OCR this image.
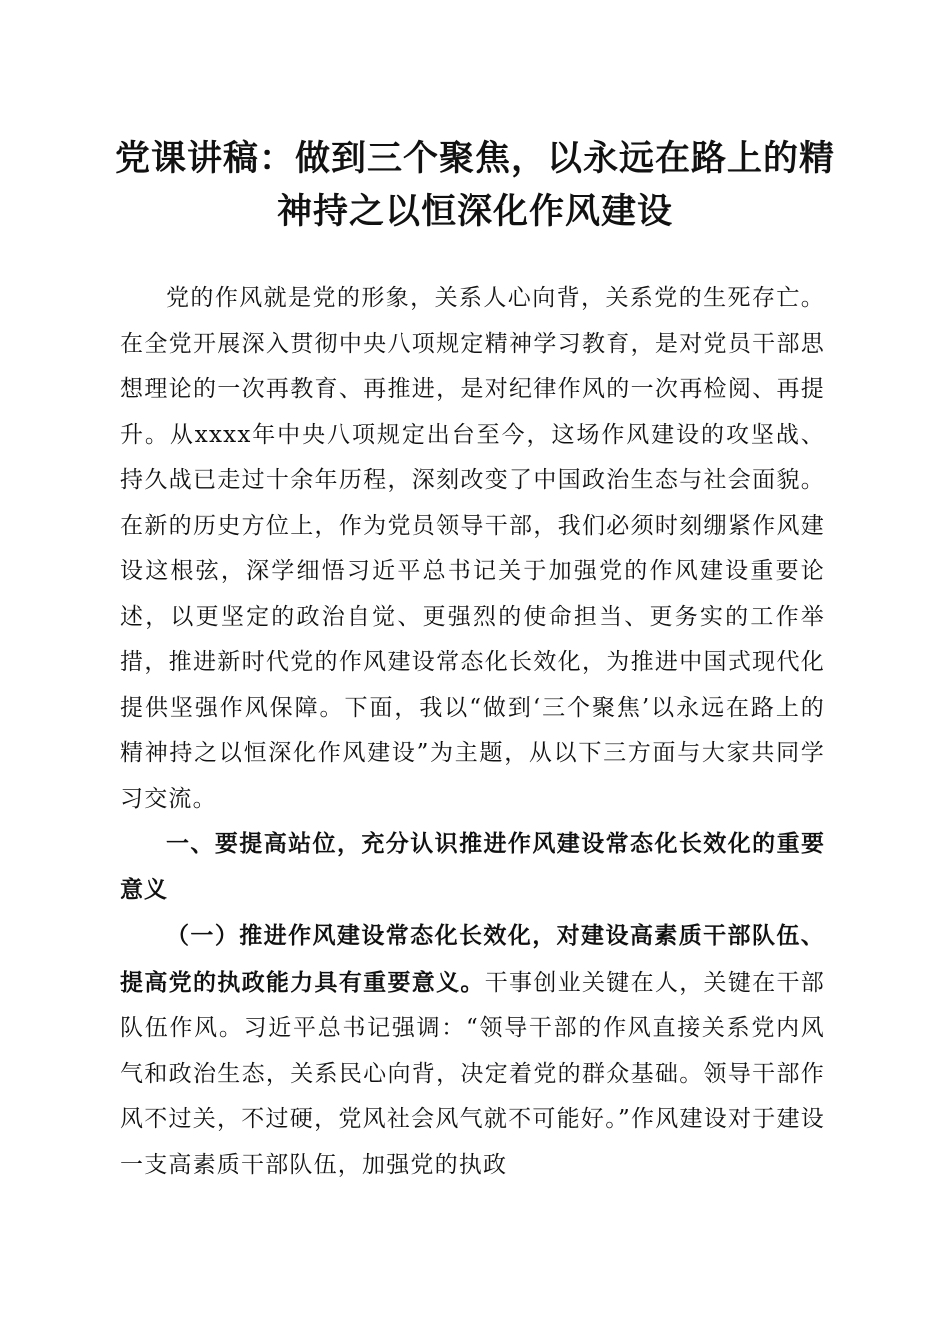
党课讲稿：做到三个聚焦，以永远在路上的精神持之以恒深化作风建设

党的作风就是党的形象，关系人心向背，关系党的生死存亡。在全党开展深入贯彻中央八项规定精神学习教育，是对党员干部思想理论的一次再教育、再推进，是对纪律作风的一次再检阅、再提升。从xxxx年中央八项规定出台至今，这场作风建设的攻坚战、持久战已走过十余年历程，深刻改变了中国政治生态与社会面貌。在新的历史方位上，作为党员领导干部，我们必须时刻绷紧作风建设这根弦，深学细悟习近平总书记关于加强党的作风建设重要论述，以更坚定的政治自觉、更强烈的使命担当、更务实的工作举措，推进新时代党的作风建设常态化长效化，为推进中国式现代化提供坚强作风保障。下面，我以“做到‘三个聚焦’以永远在路上的精神持之以恒深化作风建设”为主题，从以下三方面与大家共同学习交流。

一、要提高站位，充分认识推进作风建设常态化长效化的重要意义

（一）推进作风建设常态化长效化，对建设高素质干部队伍、提高党的执政能力具有重要意义。干事创业关键在人，关键在干部队伍作风。习近平总书记强调：“领导干部的作风直接关系党内风气和政治生态，关系民心向背，决定着党的群众基础。领导干部作风不过关，不过硬，党风社会风气就不可能好。”作风建设对于建设一支高素质干部队伍，加强党的执政
